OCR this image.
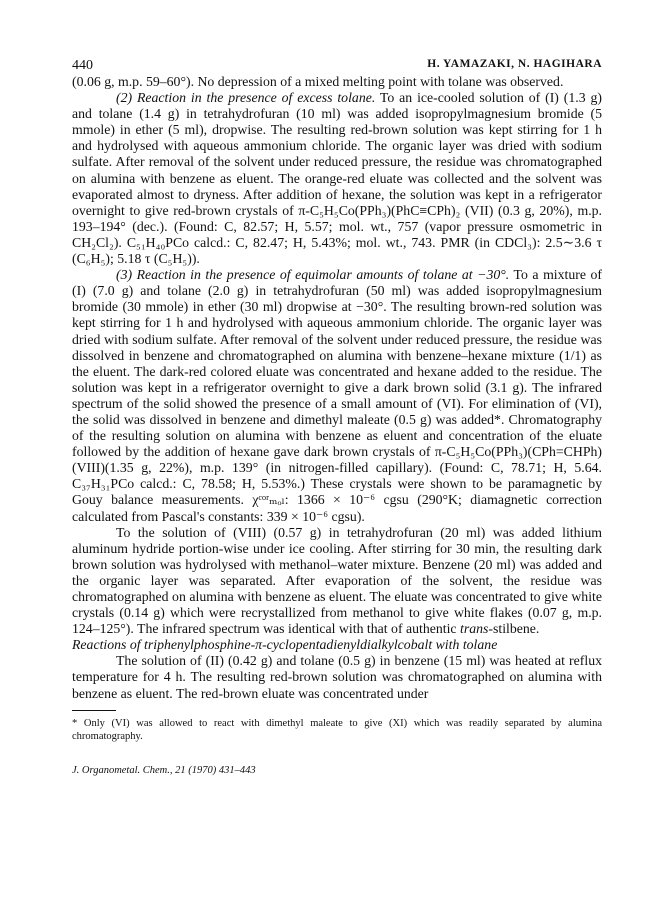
440	H. YAMAZAKI, N. HAGIHARA

(0.06 g, m.p. 59–60°). No depression of a mixed melting point with tolane was observed.

(2) Reaction in the presence of excess tolane. To an ice-cooled solution of (I) (1.3 g) and tolane (1.4 g) in tetrahydrofuran (10 ml) was added isopropylmagnesium bromide (5 mmole) in ether (5 ml), dropwise. The resulting red-brown solution was kept stirring for 1 h and hydrolysed with aqueous ammonium chloride. The organic layer was dried with sodium sulfate. After removal of the solvent under reduced pressure, the residue was chromatographed on alumina with benzene as eluent. The orange-red eluate was collected and the solvent was evaporated almost to dryness. After addition of hexane, the solution was kept in a refrigerator overnight to give red-brown crystals of π-C₅H₅Co(PPh₃)(PhC≡CPh)₂ (VII) (0.3 g, 20%), m.p. 193–194° (dec.). (Found: C, 82.57; H, 5.57; mol. wt., 757 (vapor pressure osmometric in CH₂Cl₂). C₅₁H₄₀PCo calcd.: C, 82.47; H, 5.43%; mol. wt., 743. PMR (in CDCl₃): 2.5∼3.6 τ (C₆H₅); 5.18 τ (C₅H₅)).

(3) Reaction in the presence of equimolar amounts of tolane at −30°. To a mixture of (I) (7.0 g) and tolane (2.0 g) in tetrahydrofuran (50 ml) was added isopropylmagnesium bromide (30 mmole) in ether (30 ml) dropwise at −30°. The resulting brown-red solution was kept stirring for 1 h and hydrolysed with aqueous ammonium chloride. The organic layer was dried with sodium sulfate. After removal of the solvent under reduced pressure, the residue was dissolved in benzene and chromatographed on alumina with benzene–hexane mixture (1/1) as the eluent. The dark-red colored eluate was concentrated and hexane added to the residue. The solution was kept in a refrigerator overnight to give a dark brown solid (3.1 g). The infrared spectrum of the solid showed the presence of a small amount of (VI). For elimination of (VI), the solid was dissolved in benzene and dimethyl maleate (0.5 g) was added*. Chromatography of the resulting solution on alumina with benzene as eluent and concentration of the eluate followed by the addition of hexane gave dark brown crystals of π-C₅H₅Co(PPh₃)(CPh=CHPh)(VIII)(1.35 g, 22%), m.p. 139° (in nitrogen-filled capillary). (Found: C, 78.71; H, 5.64. C₃₇H₃₁PCo calcd.: C, 78.58; H, 5.53%.) These crystals were shown to be paramagnetic by Gouy balance measurements. χᶜᵒʳₘₒₗ: 1366 × 10⁻⁶ cgsu (290°K; diamagnetic correction calculated from Pascal's constants: 339 × 10⁻⁶ cgsu).

To the solution of (VIII) (0.57 g) in tetrahydrofuran (20 ml) was added lithium aluminum hydride portion-wise under ice cooling. After stirring for 30 min, the resulting dark brown solution was hydrolysed with methanol–water mixture. Benzene (20 ml) was added and the organic layer was separated. After evaporation of the solvent, the residue was chromatographed on alumina with benzene as eluent. The eluate was concentrated to give white crystals (0.14 g) which were recrystallized from methanol to give white flakes (0.07 g, m.p. 124–125°). The infrared spectrum was identical with that of authentic trans-stilbene.

Reactions of triphenylphosphine-π-cyclopentadienyldialkylcobalt with tolane

The solution of (II) (0.42 g) and tolane (0.5 g) in benzene (15 ml) was heated at reflux temperature for 4 h. The resulting red-brown solution was chromatographed on alumina with benzene as eluent. The red-brown eluate was concentrated under

* Only (VI) was allowed to react with dimethyl maleate to give (XI) which was readily separated by alumina chromatography.
J. Organometal. Chem., 21 (1970) 431–443
